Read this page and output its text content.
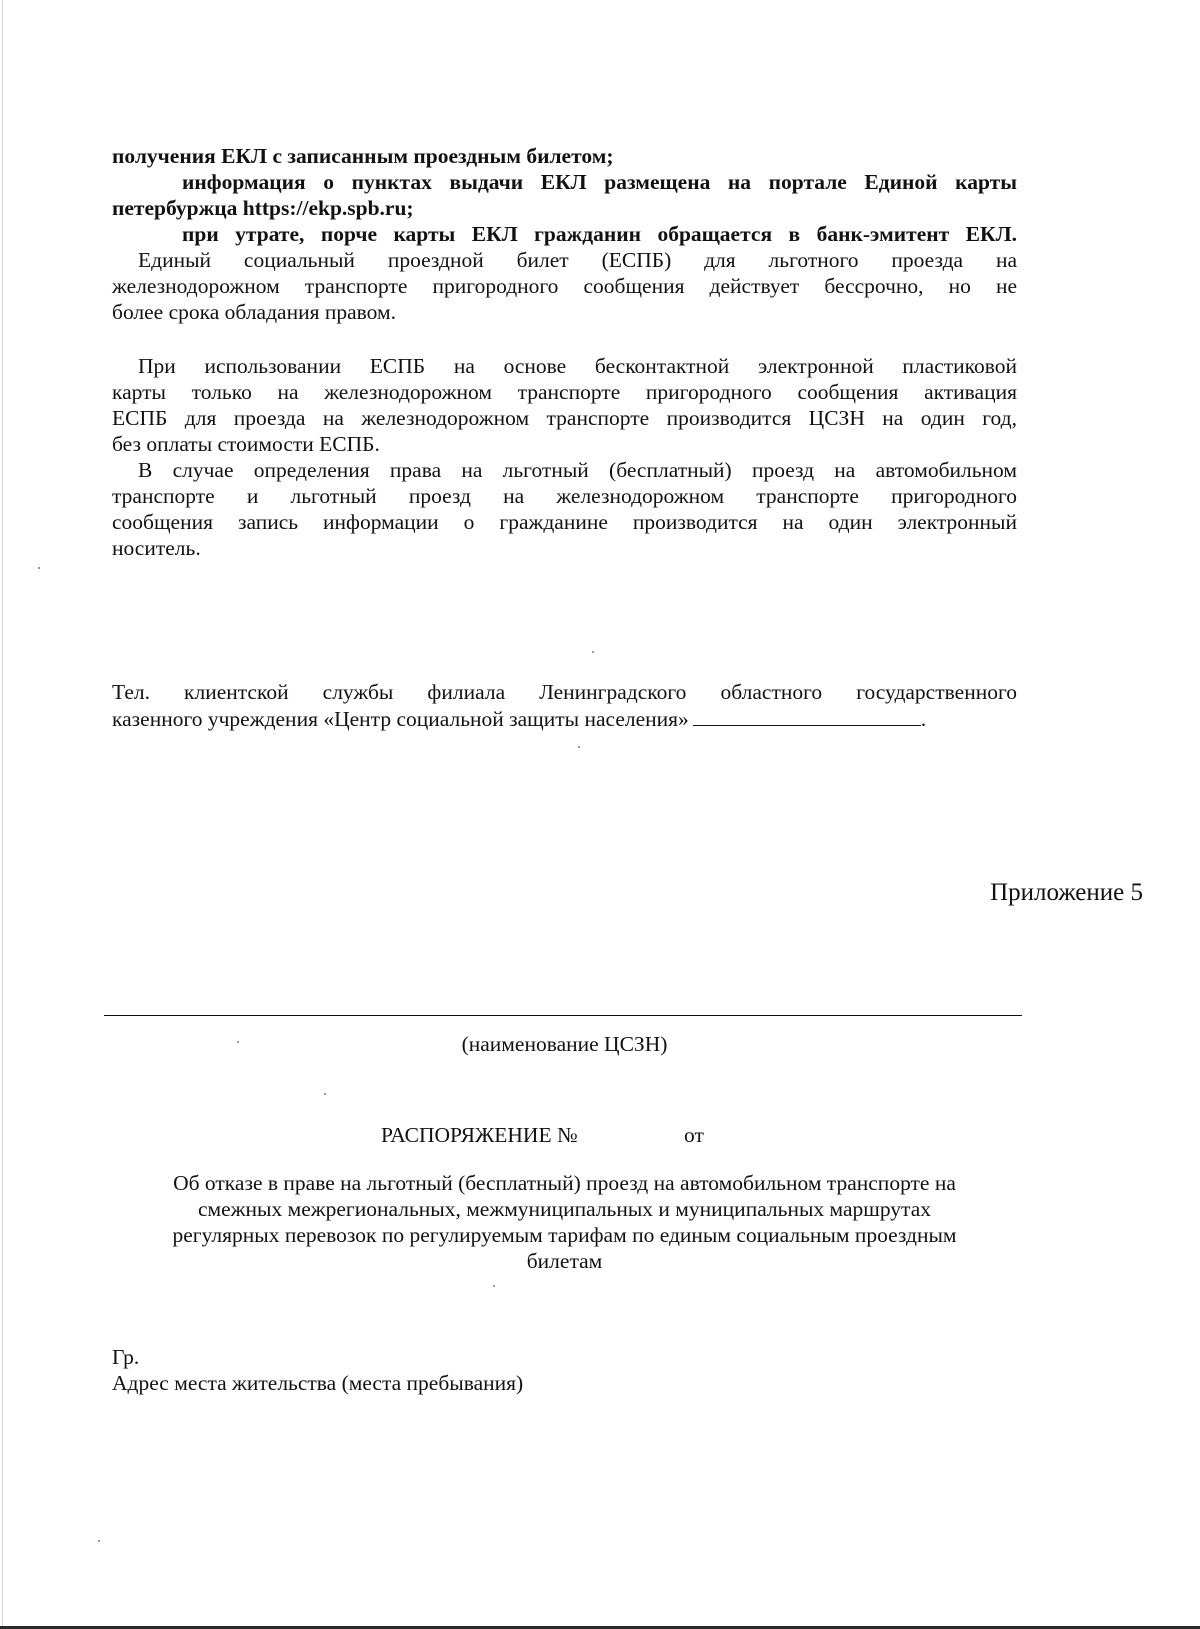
получения ЕКЛ с записанным проездным билетом;
информация о пунктах выдачи ЕКЛ размещена на портале Единой карты
петербуржца https://ekp.spb.ru;
при утрате, порче карты ЕКЛ гражданин обращается в банк-эмитент ЕКЛ.
Единый социальный проездной билет (ЕСПБ) для льготного проезда на
железнодорожном транспорте пригородного сообщения действует бессрочно, но не
более срока обладания правом.
При использовании ЕСПБ на основе бесконтактной электронной пластиковой
карты только на железнодорожном транспорте пригородного сообщения активация
ЕСПБ для проезда на железнодорожном транспорте производится ЦСЗН на один год,
без оплаты стоимости ЕСПБ.
В случае определения права на льготный (бесплатный) проезд на автомобильном
транспорте и льготный проезд на железнодорожном транспорте пригородного
сообщения запись информации о гражданине производится на один электронный
носитель.
Тел. клиентской службы филиала Ленинградского областного государственного
казенного учреждения «Центр социальной защиты населения»	.
Приложение 5
(наименование ЦСЗН)
РАСПОРЯЖЕНИЕ №	от
Об отказе в праве на льготный (бесплатный) проезд на автомобильном транспорте на
смежных межрегиональных, межмуниципальных и муниципальных маршрутах
регулярных перевозок по регулируемым тарифам по единым социальным проездным
билетам
Гр.
Адрес места жительства (места пребывания)
